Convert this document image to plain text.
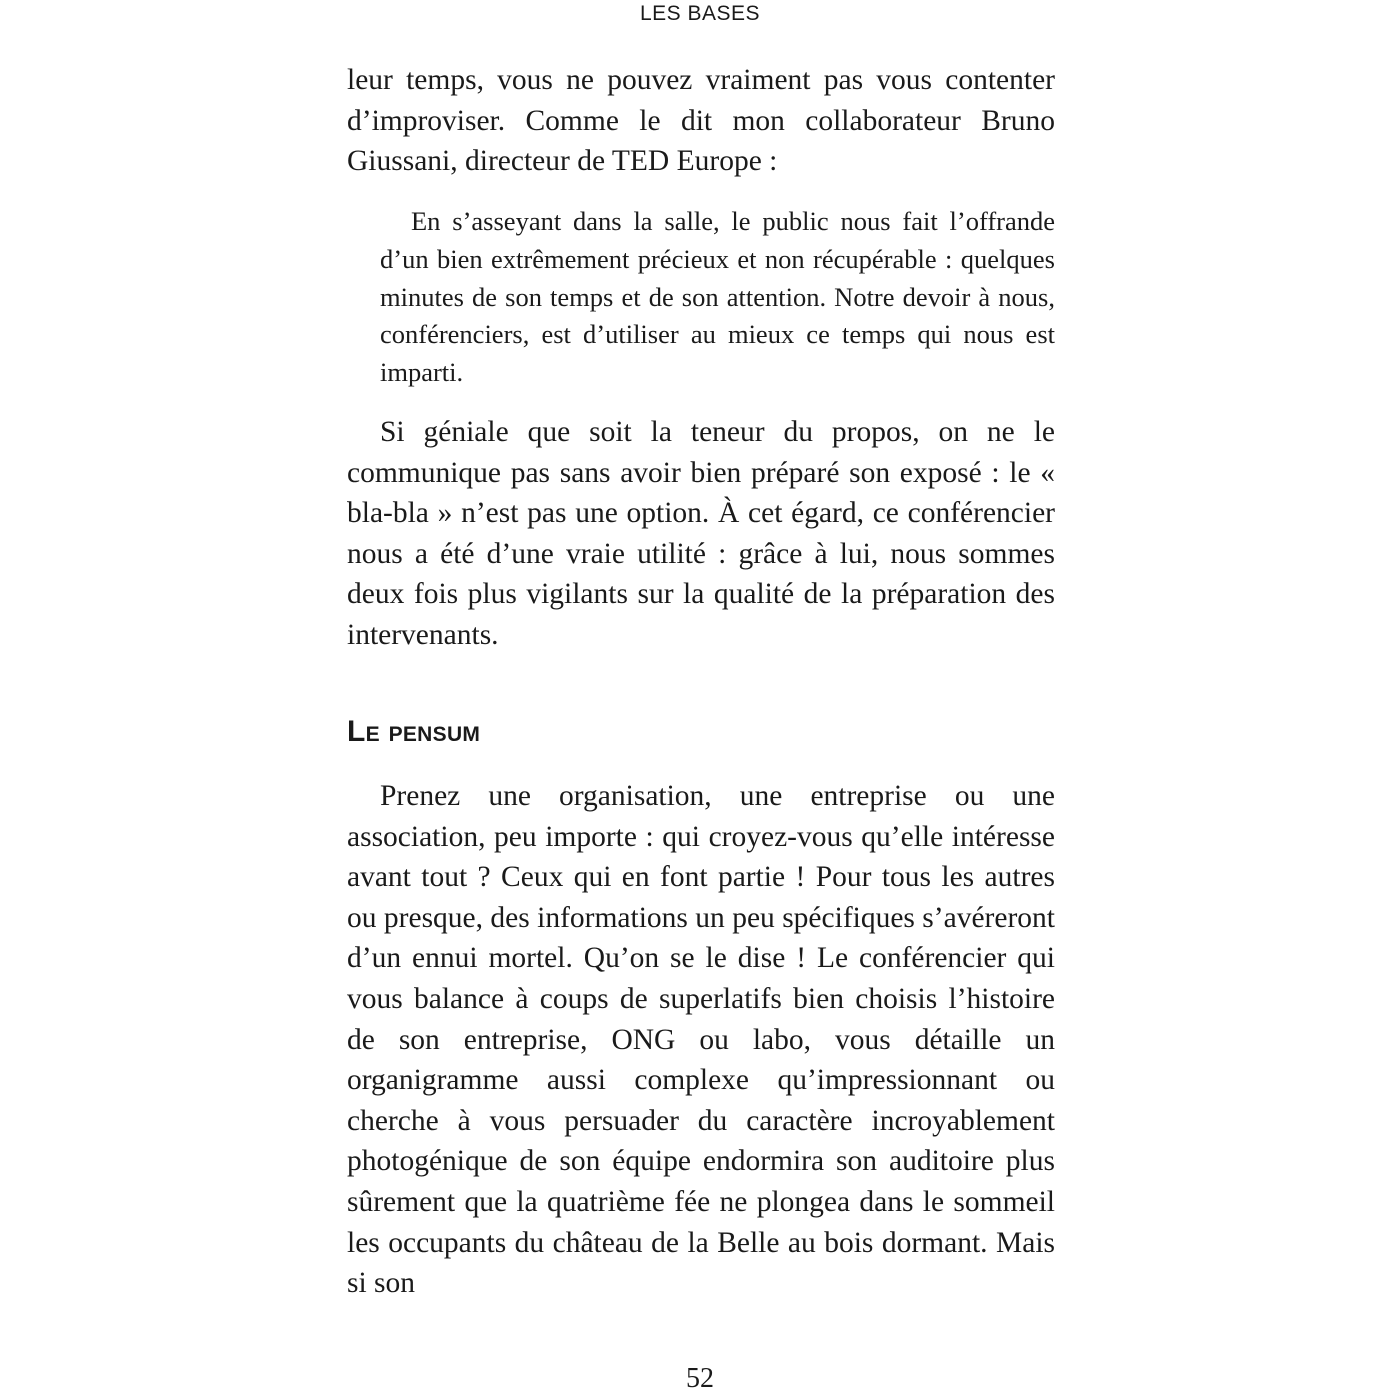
LES BASES

leur temps, vous ne pouvez vraiment pas vous contenter d’improviser. Comme le dit mon collaborateur Bruno Giussani, directeur de TED Europe :

En s’asseyant dans la salle, le public nous fait l’offrande d’un bien extrêmement précieux et non récupérable : quelques minutes de son temps et de son attention. Notre devoir à nous, conférenciers, est d’utiliser au mieux ce temps qui nous est imparti.

Si géniale que soit la teneur du propos, on ne le communique pas sans avoir bien préparé son exposé : le « bla-bla » n’est pas une option. À cet égard, ce conférencier nous a été d’une vraie utilité : grâce à lui, nous sommes deux fois plus vigilants sur la qualité de la préparation des intervenants.

Le pensum

Prenez une organisation, une entreprise ou une association, peu importe : qui croyez-vous qu’elle intéresse avant tout ? Ceux qui en font partie ! Pour tous les autres ou presque, des informations un peu spécifiques s’avéreront d’un ennui mortel. Qu’on se le dise ! Le conférencier qui vous balance à coups de superlatifs bien choisis l’histoire de son entreprise, ONG ou labo, vous détaille un organigramme aussi complexe qu’impressionnant ou cherche à vous persuader du caractère incroyablement photogénique de son équipe endormira son auditoire plus sûrement que la quatrième fée ne plongea dans le sommeil les occupants du château de la Belle au bois dormant. Mais si son

52
